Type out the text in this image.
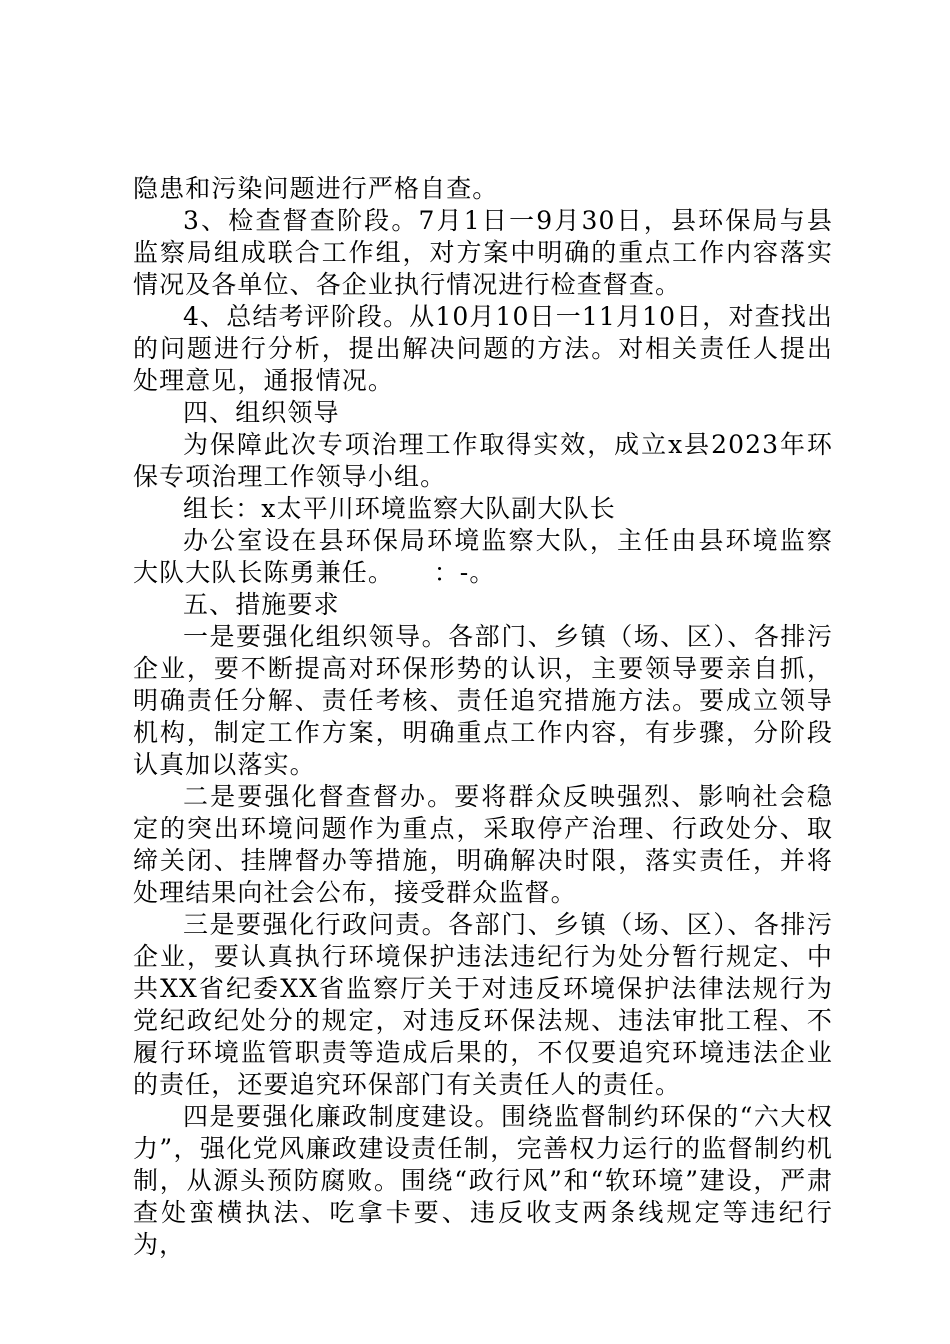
隐患和污染问题进行严格自查。

3、检查督查阶段。7月1日一9月30日，县环保局与县监察局组成联合工作组，对方案中明确的重点工作内容落实情况及各单位、各企业执行情况进行检查督查。

4、总结考评阶段。从10月10日一11月10日，对查找出的问题进行分析，提出解决问题的方法。对相关责任人提出处理意见，通报情况。

四、组织领导

为保障此次专项治理工作取得实效，成立x县2023年环保专项治理工作领导小组。

组长：x太平川环境监察大队副大队长

办公室设在县环保局环境监察大队，主任由县环境监察大队大队长陈勇兼任。　　：-。

五、措施要求

一是要强化组织领导。各部门、乡镇（场、区）、各排污企业，要不断提高对环保形势的认识，主要领导要亲自抓，明确责任分解、责任考核、责任追究措施方法。要成立领导机构，制定工作方案，明确重点工作内容，有步骤，分阶段认真加以落实。

二是要强化督查督办。要将群众反映强烈、影响社会稳定的突出环境问题作为重点，采取停产治理、行政处分、取缔关闭、挂牌督办等措施，明确解决时限，落实责任，并将处理结果向社会公布，接受群众监督。

三是要强化行政问责。各部门、乡镇（场、区）、各排污企业，要认真执行环境保护违法违纪行为处分暂行规定、中共XX省纪委XX省监察厅关于对违反环境保护法律法规行为党纪政纪处分的规定，对违反环保法规、违法审批工程、不履行环境监管职责等造成后果的，不仅要追究环境违法企业的责任，还要追究环保部门有关责任人的责任。

四是要强化廉政制度建设。围绕监督制约环保的“六大权力”，强化党风廉政建设责任制，完善权力运行的监督制约机制，从源头预防腐败。围绕“政行风”和“软环境”建设，严肃查处蛮横执法、吃拿卡要、违反收支两条线规定等违纪行为，
